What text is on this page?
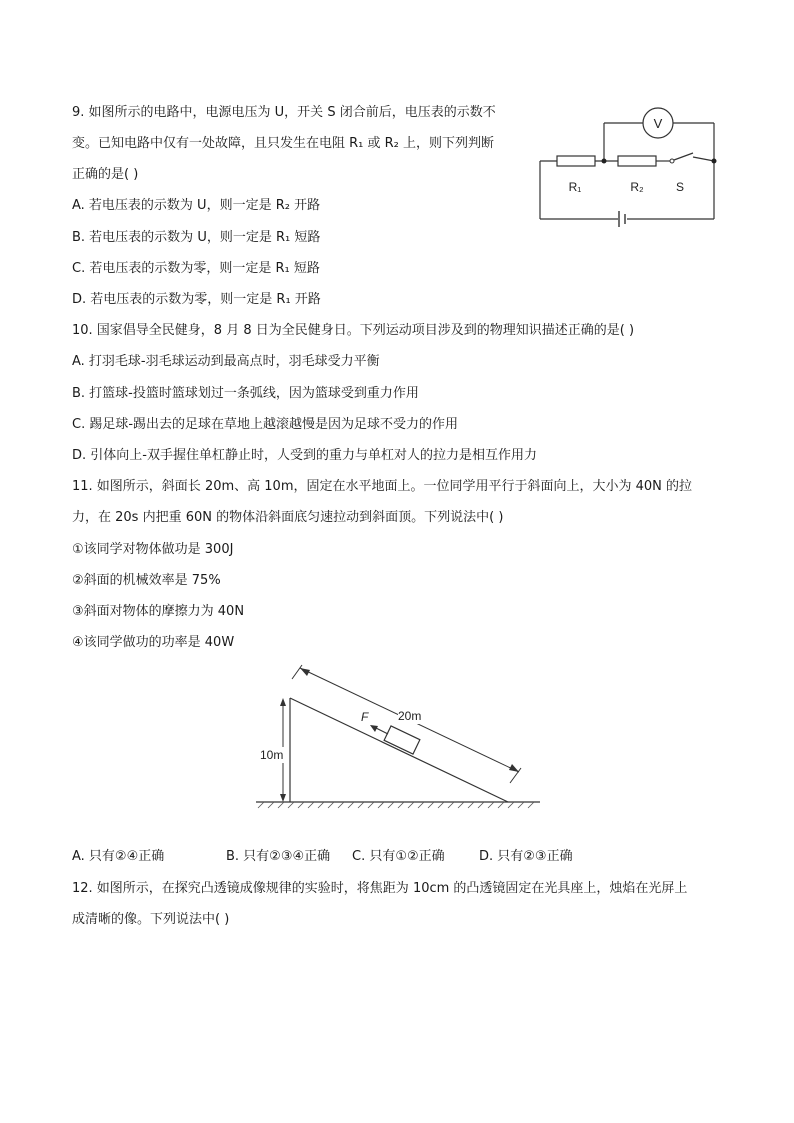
9. 如图所示的电路中，电源电压为 U，开关 S 闭合前后，电压表的示数不
变。已知电路中仅有一处故障，且只发生在电阻 R₁ 或 R₂ 上，则下列判断
正确的是( )
A. 若电压表的示数为 U，则一定是 R₂ 开路
B. 若电压表的示数为 U，则一定是 R₁ 短路
C. 若电压表的示数为零，则一定是 R₁ 短路
D. 若电压表的示数为零，则一定是 R₁ 开路
V
R₁	R₂	S
10. 国家倡导全民健身，8 月 8 日为全民健身日。下列运动项目涉及到的物理知识描述正确的是( )
A. 打羽毛球-羽毛球运动到最高点时，羽毛球受力平衡
B. 打篮球-投篮时篮球划过一条弧线，因为篮球受到重力作用
C. 踢足球-踢出去的足球在草地上越滚越慢是因为足球不受力的作用
D. 引体向上-双手握住单杠静止时，人受到的重力与单杠对人的拉力是相互作用力
11. 如图所示，斜面长 20m、高 10m，固定在水平地面上。一位同学用平行于斜面向上，大小为 40N 的拉
力，在 20s 内把重 60N 的物体沿斜面底匀速拉动到斜面顶。下列说法中( )
①该同学对物体做功是 300J
②斜面的机械效率是 75%
③斜面对物体的摩擦力为 40N
④该同学做功的功率是 40W
10m
20m
F
A. 只有②④正确	B. 只有②③④正确 C. 只有①②正确	D. 只有②③正确
12. 如图所示，在探究凸透镜成像规律的实验时，将焦距为 10cm 的凸透镜固定在光具座上，烛焰在光屏上
成清晰的像。下列说法中( )
